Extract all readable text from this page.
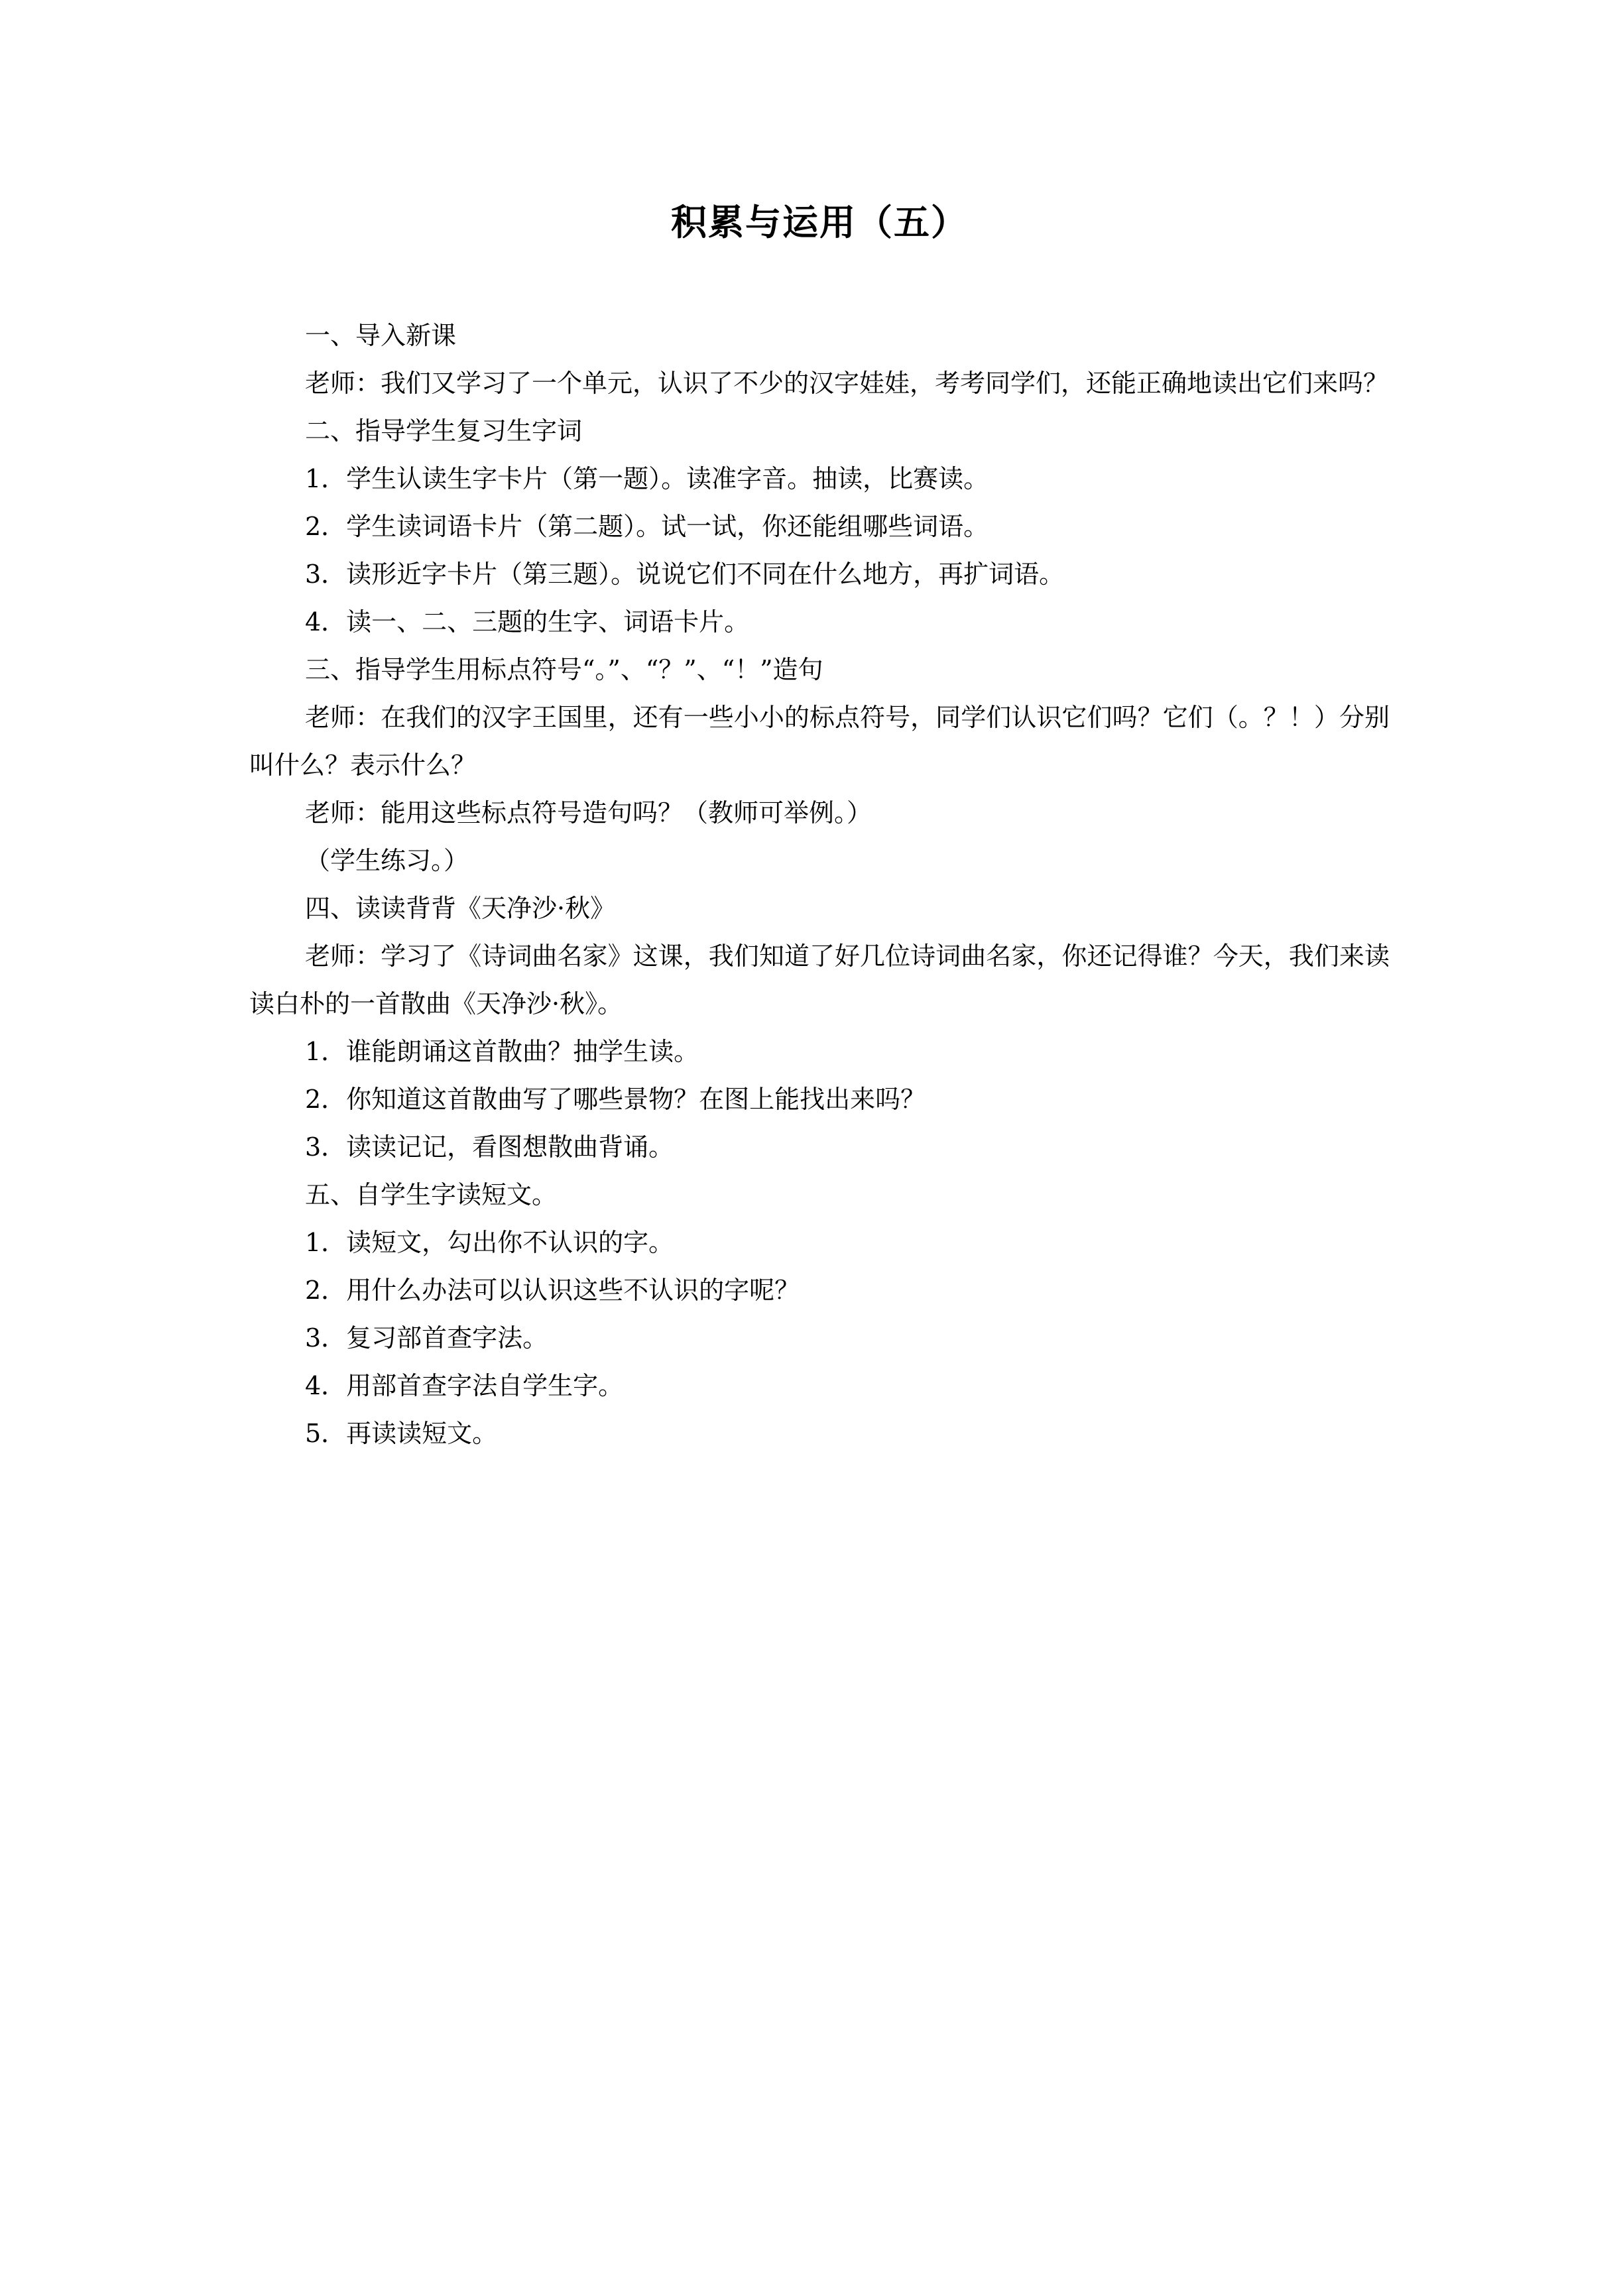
积累与运用（五）

一、导入新课

老师：我们又学习了一个单元，认识了不少的汉字娃娃，考考同学们，还能正确地读出它们来吗？

二、指导学生复习生字词

1．学生认读生字卡片（第一题）。读准字音。抽读，比赛读。

2．学生读词语卡片（第二题）。试一试，你还能组哪些词语。

3．读形近字卡片（第三题）。说说它们不同在什么地方，再扩词语。

4．读一、二、三题的生字、词语卡片。

三、指导学生用标点符号“。”、“？”、“！”造句

老师：在我们的汉字王国里，还有一些小小的标点符号，同学们认识它们吗？它们（。？！）分别叫什么？表示什么？

老师：能用这些标点符号造句吗？（教师可举例。）

（学生练习。）

四、读读背背《天净沙·秋》

老师：学习了《诗词曲名家》这课，我们知道了好几位诗词曲名家，你还记得谁？今天，我们来读读白朴的一首散曲《天净沙·秋》。

1．谁能朗诵这首散曲？抽学生读。

2．你知道这首散曲写了哪些景物？在图上能找出来吗？

3．读读记记，看图想散曲背诵。

五、自学生字读短文。

1．读短文，勾出你不认识的字。

2．用什么办法可以认识这些不认识的字呢？

3．复习部首查字法。

4．用部首查字法自学生字。

5．再读读短文。
